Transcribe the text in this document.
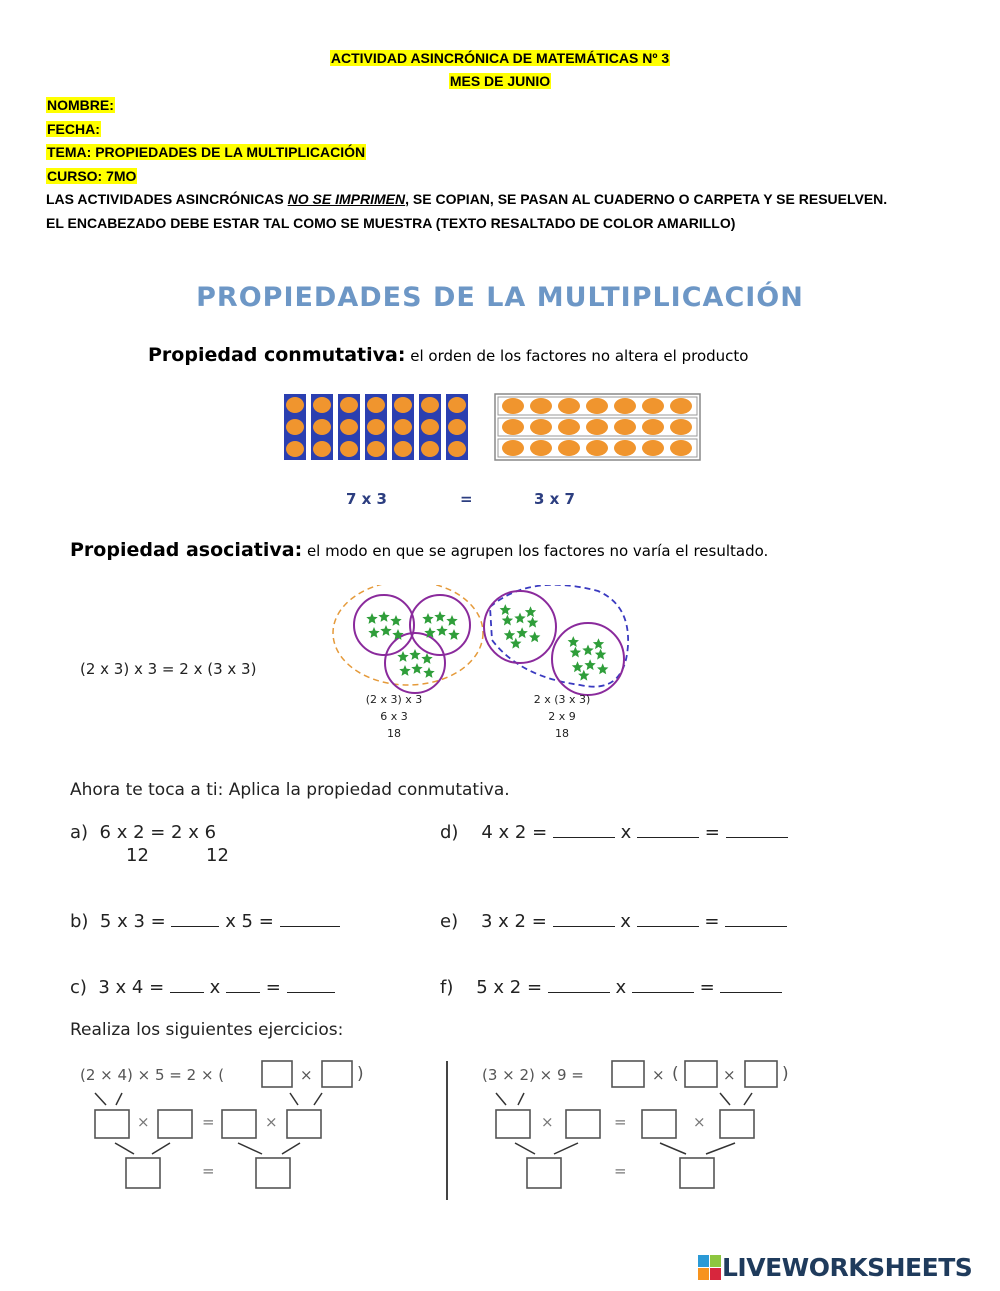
ACTIVIDAD ASINCRÓNICA DE MATEMÁTICAS Nº 3
MES DE JUNIO
NOMBRE:
FECHA:
TEMA: PROPIEDADES DE LA MULTIPLICACIÓN
CURSO: 7MO
LAS ACTIVIDADES ASINCRÓNICAS NO SE IMPRIMEN, SE COPIAN, SE PASAN AL CUADERNO O CARPETA Y SE RESUELVEN.
EL ENCABEZADO DEBE ESTAR TAL COMO SE MUESTRA (TEXTO RESALTADO DE COLOR AMARILLO)
PROPIEDADES DE LA MULTIPLICACIÓN
Propiedad conmutativa: el orden de los factores no altera el producto
7 x 3	=	3 x 7
Propiedad asociativa: el modo en que se agrupen los factores no varía el resultado.
(2 x 3) x 3 = 2 x (3 x 3)
(2 x 3) x 3
6 x 3
18
2 x (3 x 3)
2 x 9
18
Ahora te toca a ti: Aplica la propiedad conmutativa.
a) 6 x 2 = 2 x 6
12	12
b) 5 x 3 =	x 5 =
c) 3 x 4 =	x	=
d) 4 x 2 =	x	=
e) 3 x 2 =	x	=
f) 5 x 2 =	x	=
Realiza los siguientes ejercicios:
(2 × 4) × 5 = 2 × (	×	)	(3 × 2) × 9 =	× (	×	)
×	=	×
=
×	=	×
=
LIVEWORKSHEETS
